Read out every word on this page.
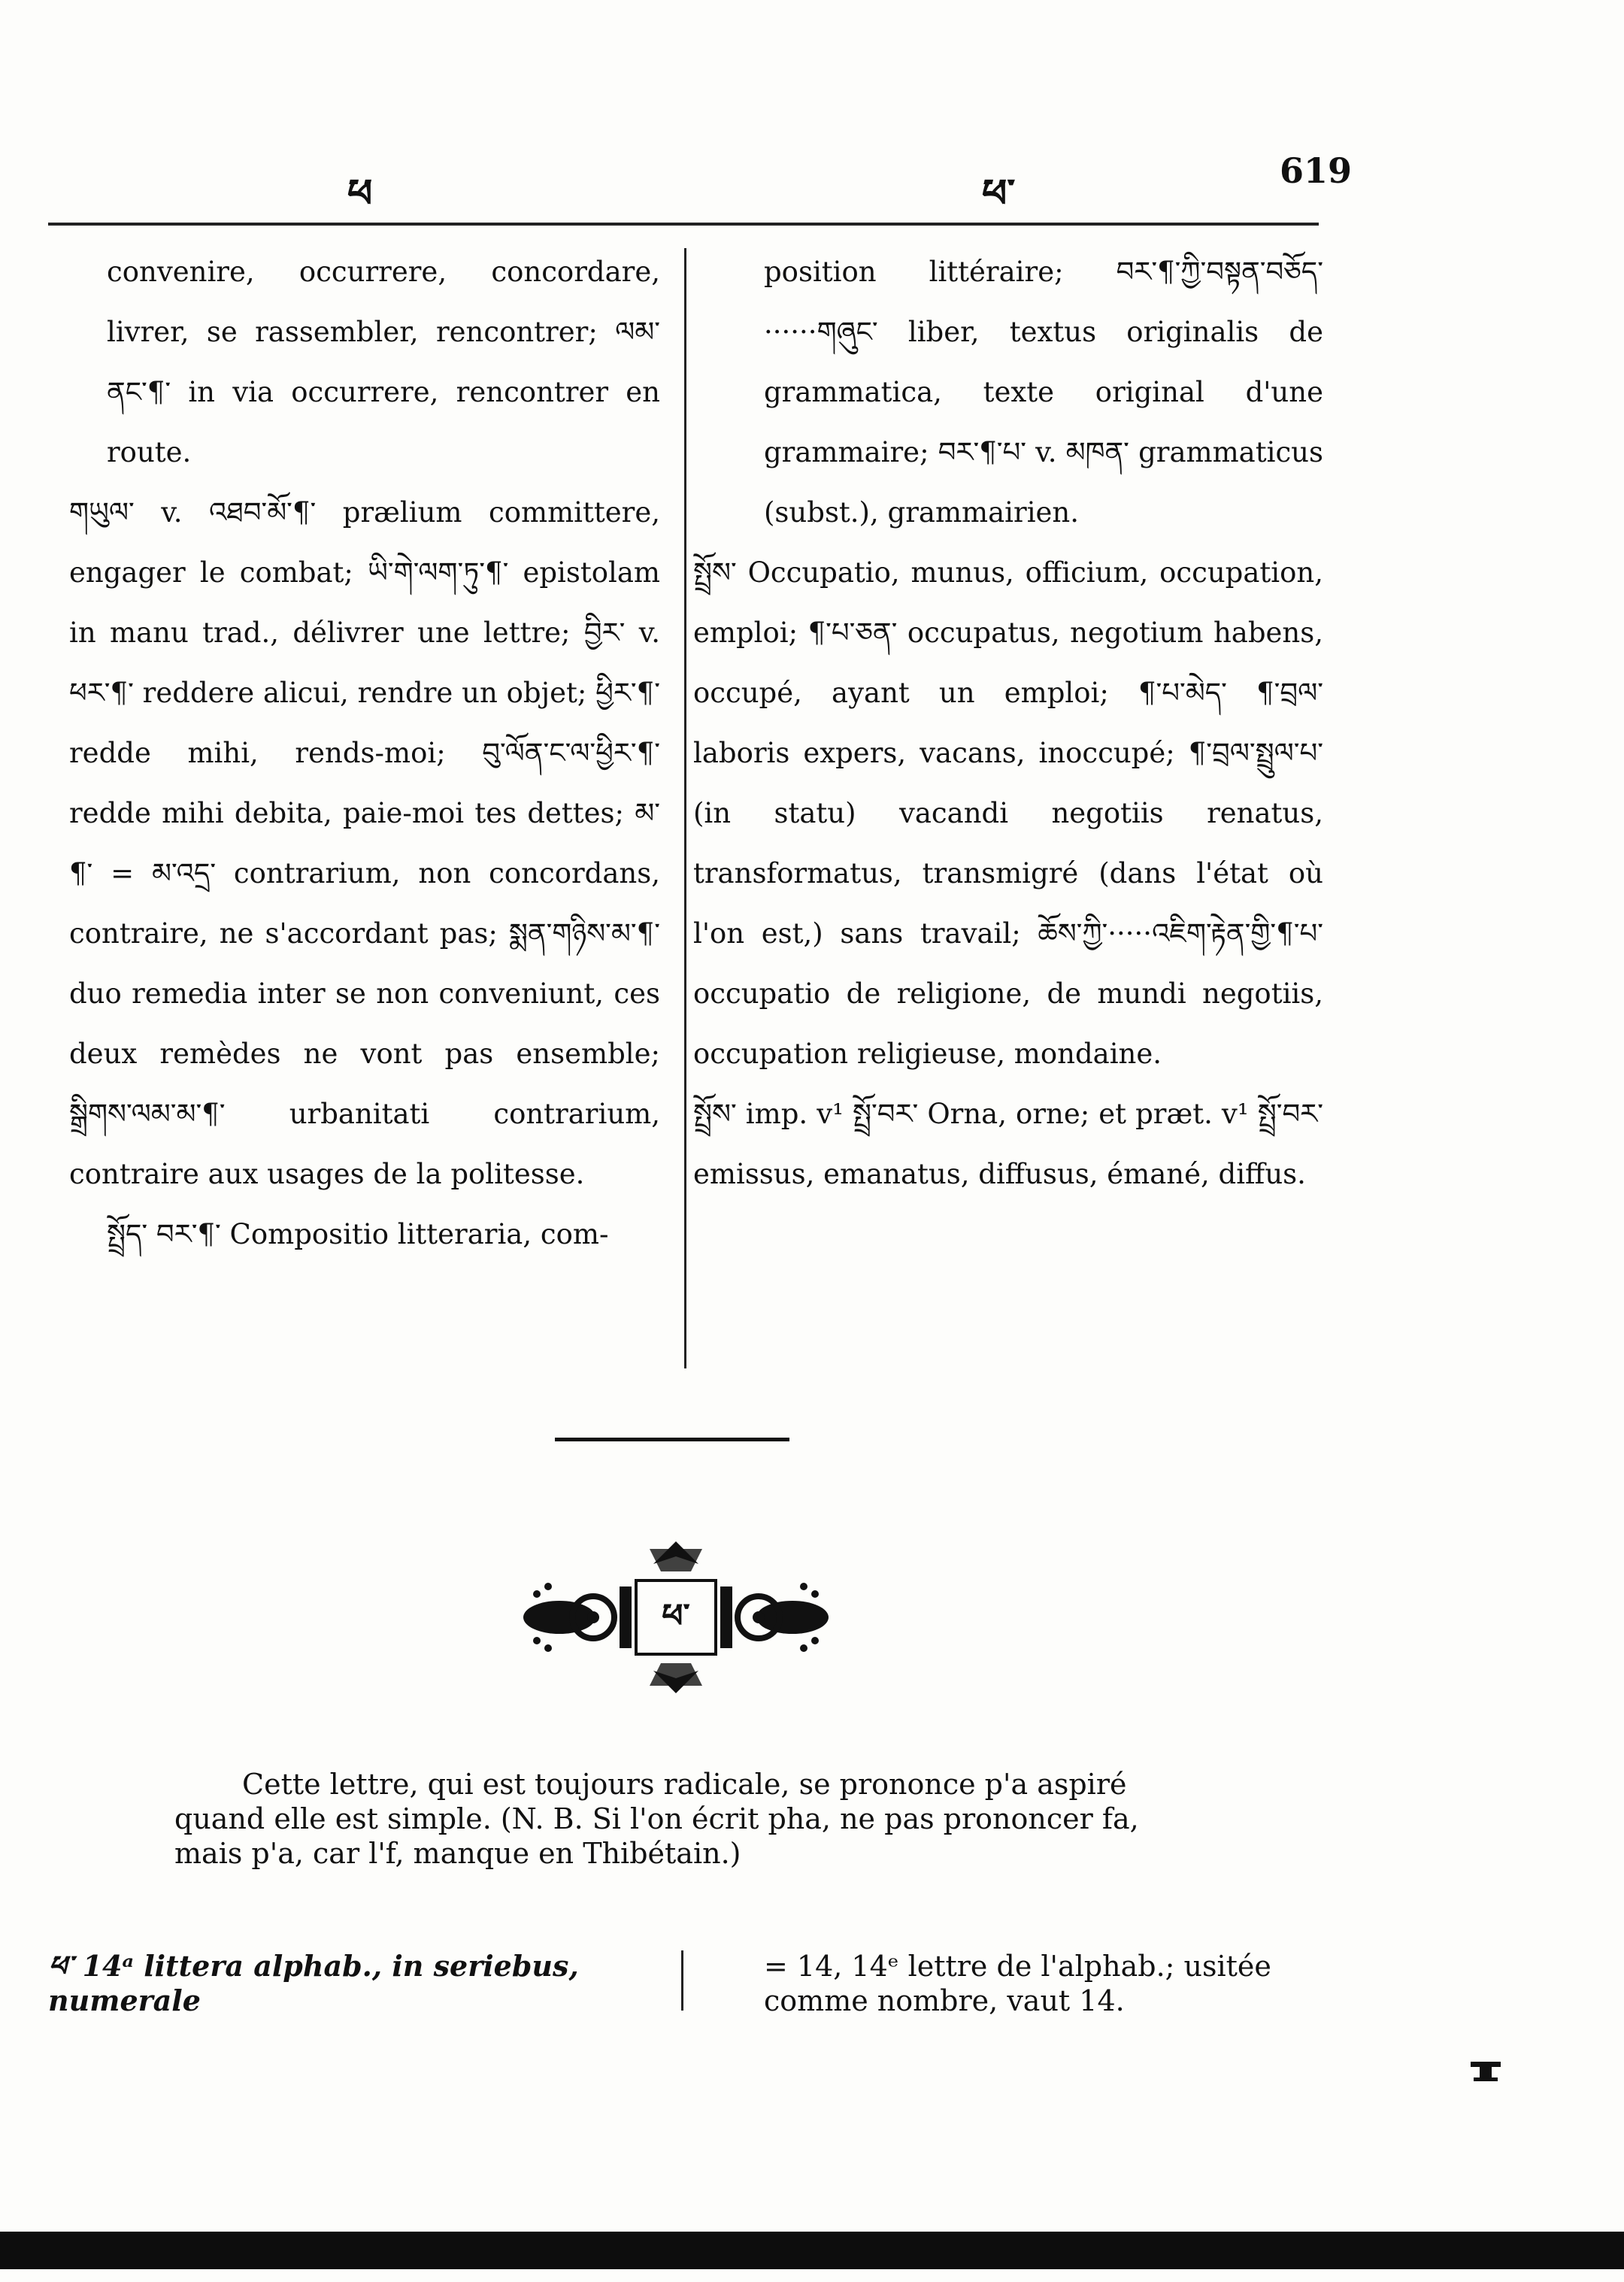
ཕ	ཕ་	619

convenire, occurrere, concordare, livrer, se rassembler, rencontrer; ལམ་ནང་¶་ in via occurrere, rencontrer en route.

གཡུལ་ v. འཐབ་མོ་¶་ prælium committere, engager le combat; ཡི་གེ་ལག་ཏུ་¶་ epistolam in manu trad., délivrer une lettre; བྱིར་ v. ཕར་¶་ reddere alicui, rendre un objet; ཕྱིར་¶་ redde mihi, rends-moi; བུ་ལོན་ང་ལ་ཕྱིར་¶་ redde mihi debita, paie-moi tes dettes; མ་¶་ = མ་འདྲ་ contrarium, non concordans, contraire, ne s'accordant pas; སྨན་གཉིས་མ་¶་ duo remedia inter se non conveniunt, ces deux remèdes ne vont pas ensemble; སྒྲིགས་ལམ་མ་¶་ urbanitati contrarium, contraire aux usages de la politesse.

སྤྲོད་ བར་¶་ Compositio litteraria, com-

position littéraire; བར་¶་ཀྱི་བསྟན་བཅོད་······གཞུང་ liber, textus originalis de grammatica, texte original d'une grammaire; བར་¶་པ་ v. མཁན་ grammaticus (subst.), grammairien.

སྤྲོས་ Occupatio, munus, officium, occupation, emploi; ¶་པ་ཅན་ occupatus, negotium habens, occupé, ayant un emploi; ¶་པ་མེད་ ¶་བྲལ་ laboris expers, vacans, inoccupé; ¶་བྲལ་སྤྲུལ་པ་ (in statu) vacandi negotiis renatus, transformatus, transmigré (dans l'état où l'on est,) sans travail; ཆོས་ཀྱི་·····འཇིག་རྟེན་གྱི་¶་པ་ occupatio de religione, de mundi negotiis, occupation religieuse, mondaine.

སྤྲོས་ imp. v¹ སྤྲོ་བར་ Orna, orne; et præt. v¹ སྤྲོ་བར་ emissus, emanatus, diffusus, émané, diffus.

ཕ་

Cette lettre, qui est toujours radicale, se prononce p'a aspiré

quand elle est simple. (N. B. Si l'on écrit pha, ne pas prononcer fa,

mais p'a, car l'f, manque en Thibétain.)

ཕ་ 14ᵃ littera alphab., in seriebus, numerale
= 14, 14ᵉ lettre de l'alphab.; usitée comme nombre, vaut 14.
